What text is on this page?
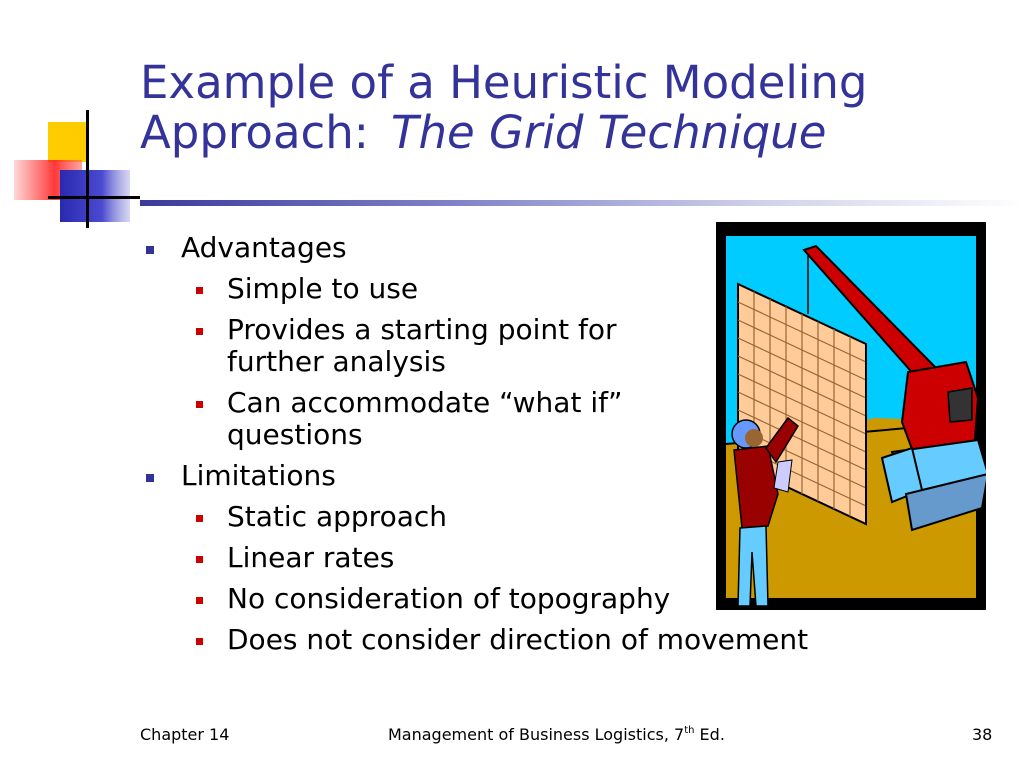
Example of a Heuristic Modeling
Approach: The Grid Technique
Advantages
Simple to use
Provides a starting point for
further analysis
Can accommodate “what if”
questions
Limitations
Static approach
Linear rates
No consideration of topography
Does not consider direction of movement
Chapter 14	Management of Business Logistics, 7th Ed.	38
